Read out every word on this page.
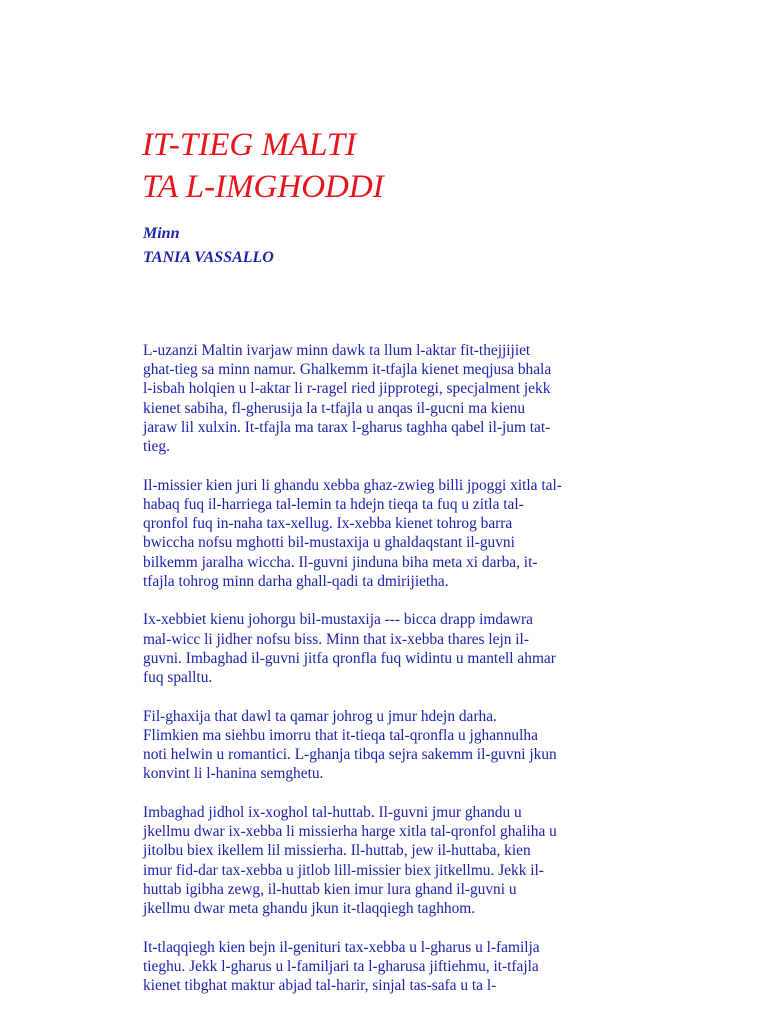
IT-TIEG MALTI
TA L-IMGHODDI
Minn
TANIA VASSALLO

L-uzanzi Maltin ivarjaw minn dawk ta llum l-aktar fit-thejjijiet
ghat-tieg sa minn namur. Ghalkemm it-tfajla kienet meqjusa bhala
l-isbah holqien u l-aktar li r-ragel ried jipprotegi, specjalment jekk
kienet sabiha, fl-gherusija la t-tfajla u anqas il-gucni ma kienu
jaraw lil xulxin. It-tfajla ma tarax l-gharus taghha qabel il-jum tat-
tieg.

Il-missier kien juri li ghandu xebba ghaz-zwieg billi jpoggi xitla tal-
habaq fuq il-harriega tal-lemin ta hdejn tieqa ta fuq u zitla tal-
qronfol fuq in-naha tax-xellug. Ix-xebba kienet tohrog barra
bwiccha nofsu mghotti bil-mustaxija u ghaldaqstant il-guvni
bilkemm jaralha wiccha. Il-guvni jinduna biha meta xi darba, it-
tfajla tohrog minn darha ghall-qadi ta dmirijietha.

Ix-xebbiet kienu johorgu bil-mustaxija --- bicca drapp imdawra
mal-wicc li jidher nofsu biss. Minn that ix-xebba thares lejn il-
guvni. Imbaghad il-guvni jitfa qronfla fuq widintu u mantell ahmar
fuq spalltu.

Fil-ghaxija that dawl ta qamar johrog u jmur hdejn darha.
Flimkien ma siehbu imorru that it-tieqa tal-qronfla u jghannulha
noti helwin u romantici. L-ghanja tibqa sejra sakemm il-guvni jkun
konvint li l-hanina semghetu.

Imbaghad jidhol ix-xoghol tal-huttab. Il-guvni jmur ghandu u
jkellmu dwar ix-xebba li missierha harge xitla tal-qronfol ghaliha u
jitolbu biex ikellem lil missierha. Il-huttab, jew il-huttaba, kien
imur fid-dar tax-xebba u jitlob lill-missier biex jitkellmu. Jekk il-
huttab igibha zewg, il-huttab kien imur lura ghand il-guvni u
jkellmu dwar meta ghandu jkun it-tlaqqiegh taghhom.

It-tlaqqiegh kien bejn il-genituri tax-xebba u l-gharus u l-familja
tieghu. Jekk l-gharus u l-familjari ta l-gharusa jiftiehmu, it-tfajla
kienet tibghat maktur abjad tal-harir, sinjal tas-safa u ta l-
